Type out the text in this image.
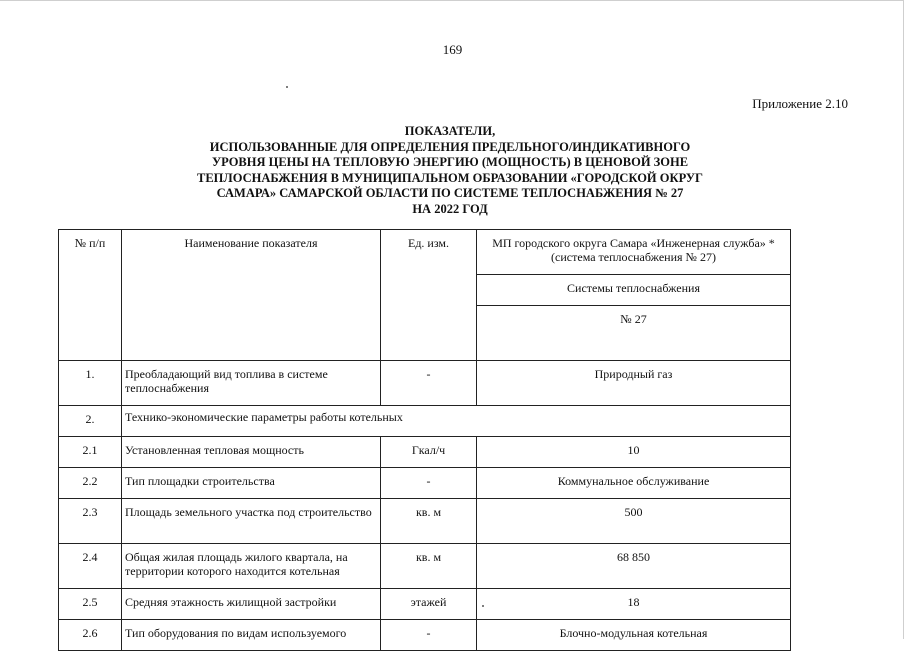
169
Приложение 2.10
ПОКАЗАТЕЛИ,
ИСПОЛЬЗОВАННЫЕ ДЛЯ ОПРЕДЕЛЕНИЯ ПРЕДЕЛЬНОГО/ИНДИКАТИВНОГО
УРОВНЯ ЦЕНЫ НА ТЕПЛОВУЮ ЭНЕРГИЮ (МОЩНОСТЬ) В ЦЕНОВОЙ ЗОНЕ
ТЕПЛОСНАБЖЕНИЯ В МУНИЦИПАЛЬНОМ ОБРАЗОВАНИИ «ГОРОДСКОЙ ОКРУГ
САМАРА» САМАРСКОЙ ОБЛАСТИ ПО СИСТЕМЕ ТЕПЛОСНАБЖЕНИЯ № 27
НА 2022 ГОД
№ п/п	Наименование показателя	Ед. изм.	МП городского округа Самара «Инженерная служба» * (система теплоснабжения № 27)
			Системы теплоснабжения
			№ 27
1.	Преобладающий вид топлива в системе теплоснабжения	-	Природный газ
2.	Технико-экономические параметры работы котельных		
2.1	Установленная тепловая мощность	Гкал/ч	10
2.2	Тип площадки строительства	-	Коммунальное обслуживание
2.3	Площадь земельного участка под строительство	кв. м	500
2.4	Общая жилая площадь жилого квартала, на территории которого находится котельная	кв. м	68 850
2.5	Средняя этажность жилищной застройки	этажей	18
2.6	Тип оборудования по видам используемого	-	Блочно-модульная котельная
